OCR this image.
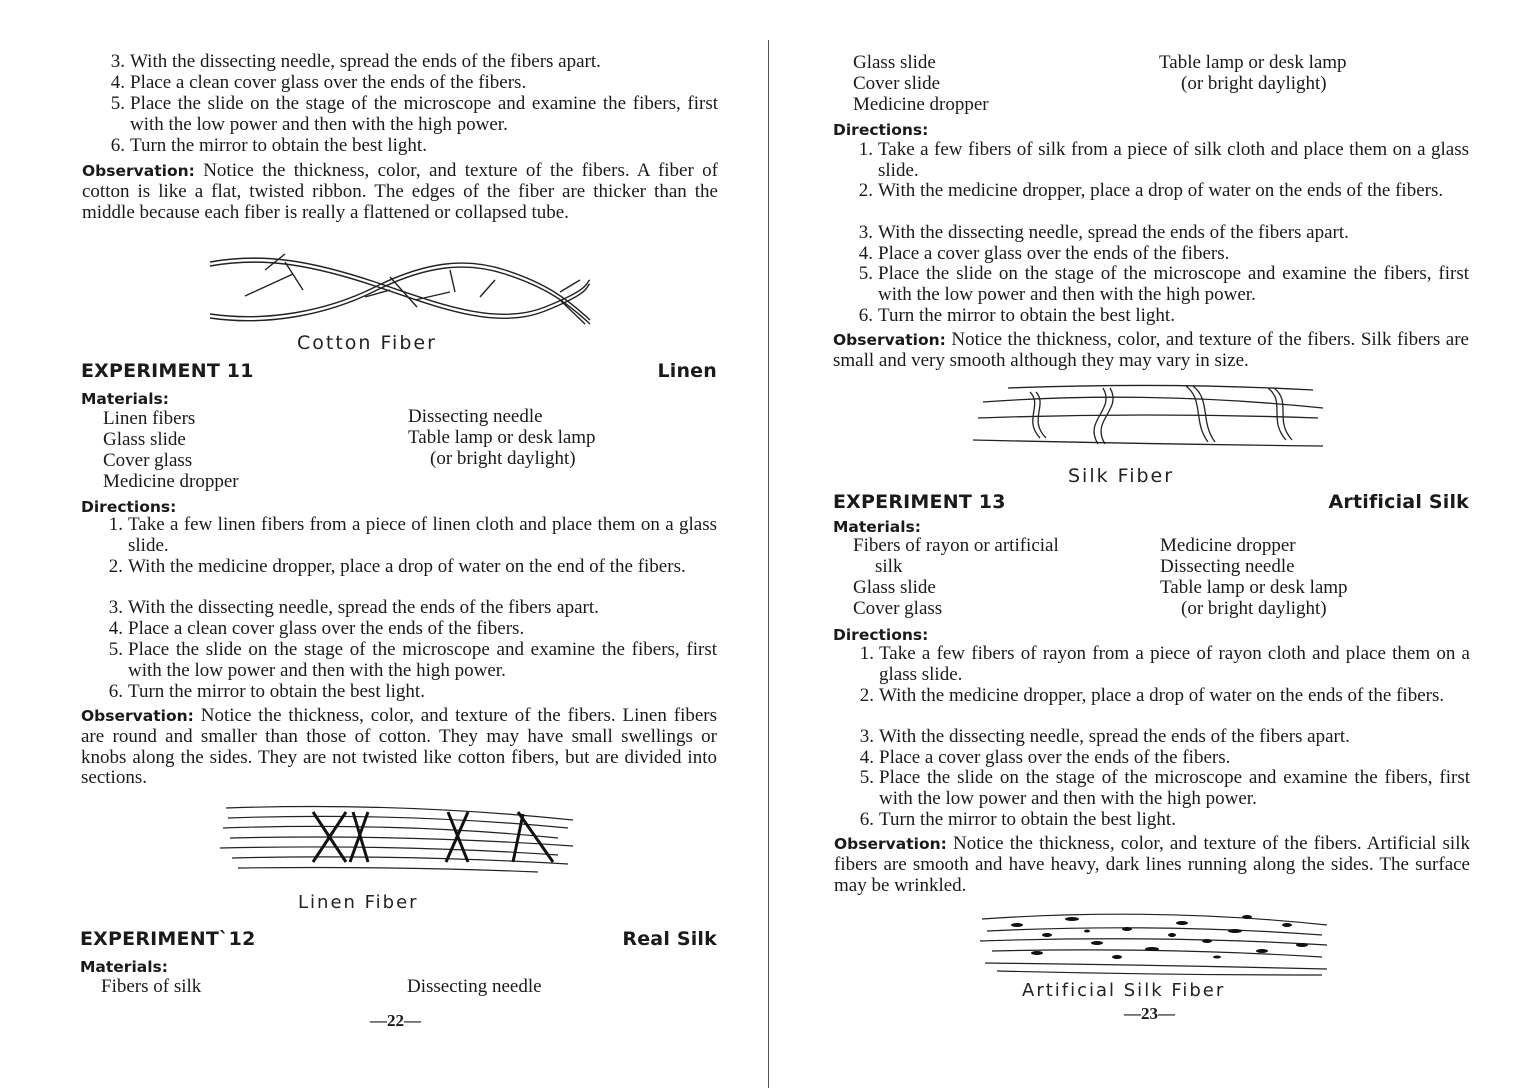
3. With the dissecting needle, spread the ends of the fibers apart.
4. Place a clean cover glass over the ends of the fibers.
5. Place the slide on the stage of the microscope and examine the fibers, first with the low power and then with the high power.
6. Turn the mirror to obtain the best light.
Observation: Notice the thickness, color, and texture of the fibers. A fiber of cotton is like a flat, twisted ribbon. The edges of the fiber are thicker than the middle because each fiber is really a flattened or collapsed tube.
Cotton Fiber
EXPERIMENT 11	Linen
Materials:
Linen fibers
Glass slide
Cover glass
Medicine dropper
Dissecting needle
Table lamp or desk lamp
(or bright daylight)
Directions:
1. Take a few linen fibers from a piece of linen cloth and place them on a glass slide.
2. With the medicine dropper, place a drop of water on the end of the fibers.
3. With the dissecting needle, spread the ends of the fibers apart.
4. Place a clean cover glass over the ends of the fibers.
5. Place the slide on the stage of the microscope and examine the fibers, first with the low power and then with the high power.
6. Turn the mirror to obtain the best light.
Observation: Notice the thickness, color, and texture of the fibers. Linen fibers are round and smaller than those of cotton. They may have small swellings or knobs along the sides. They are not twisted like cotton fibers, but are divided into sections.
Linen Fiber
EXPERIMENT`12	Real Silk
Materials:
Fibers of silk	Dissecting needle
—22—
Glass slide
Cover slide
Medicine dropper
Table lamp or desk lamp
(or bright daylight)
Directions:
1. Take a few fibers of silk from a piece of silk cloth and place them on a glass slide.
2. With the medicine dropper, place a drop of water on the ends of the fibers.
3. With the dissecting needle, spread the ends of the fibers apart.
4. Place a cover glass over the ends of the fibers.
5. Place the slide on the stage of the microscope and examine the fibers, first with the low power and then with the high power.
6. Turn the mirror to obtain the best light.
Observation: Notice the thickness, color, and texture of the fibers. Silk fibers are small and very smooth although they may vary in size.
Silk Fiber
EXPERIMENT 13	Artificial Silk
Materials:
Fibers of rayon or artificial
silk
Glass slide
Cover glass
Medicine dropper
Dissecting needle
Table lamp or desk lamp
(or bright daylight)
Directions:
1. Take a few fibers of rayon from a piece of rayon cloth and place them on a glass slide.
2. With the medicine dropper, place a drop of water on the ends of the fibers.
3. With the dissecting needle, spread the ends of the fibers apart.
4. Place a cover glass over the ends of the fibers.
5. Place the slide on the stage of the microscope and examine the fibers, first with the low power and then with the high power.
6. Turn the mirror to obtain the best light.
Observation: Notice the thickness, color, and texture of the fibers. Artificial silk fibers are smooth and have heavy, dark lines running along the sides. The surface may be wrinkled.
Artificial Silk Fiber
—23—
